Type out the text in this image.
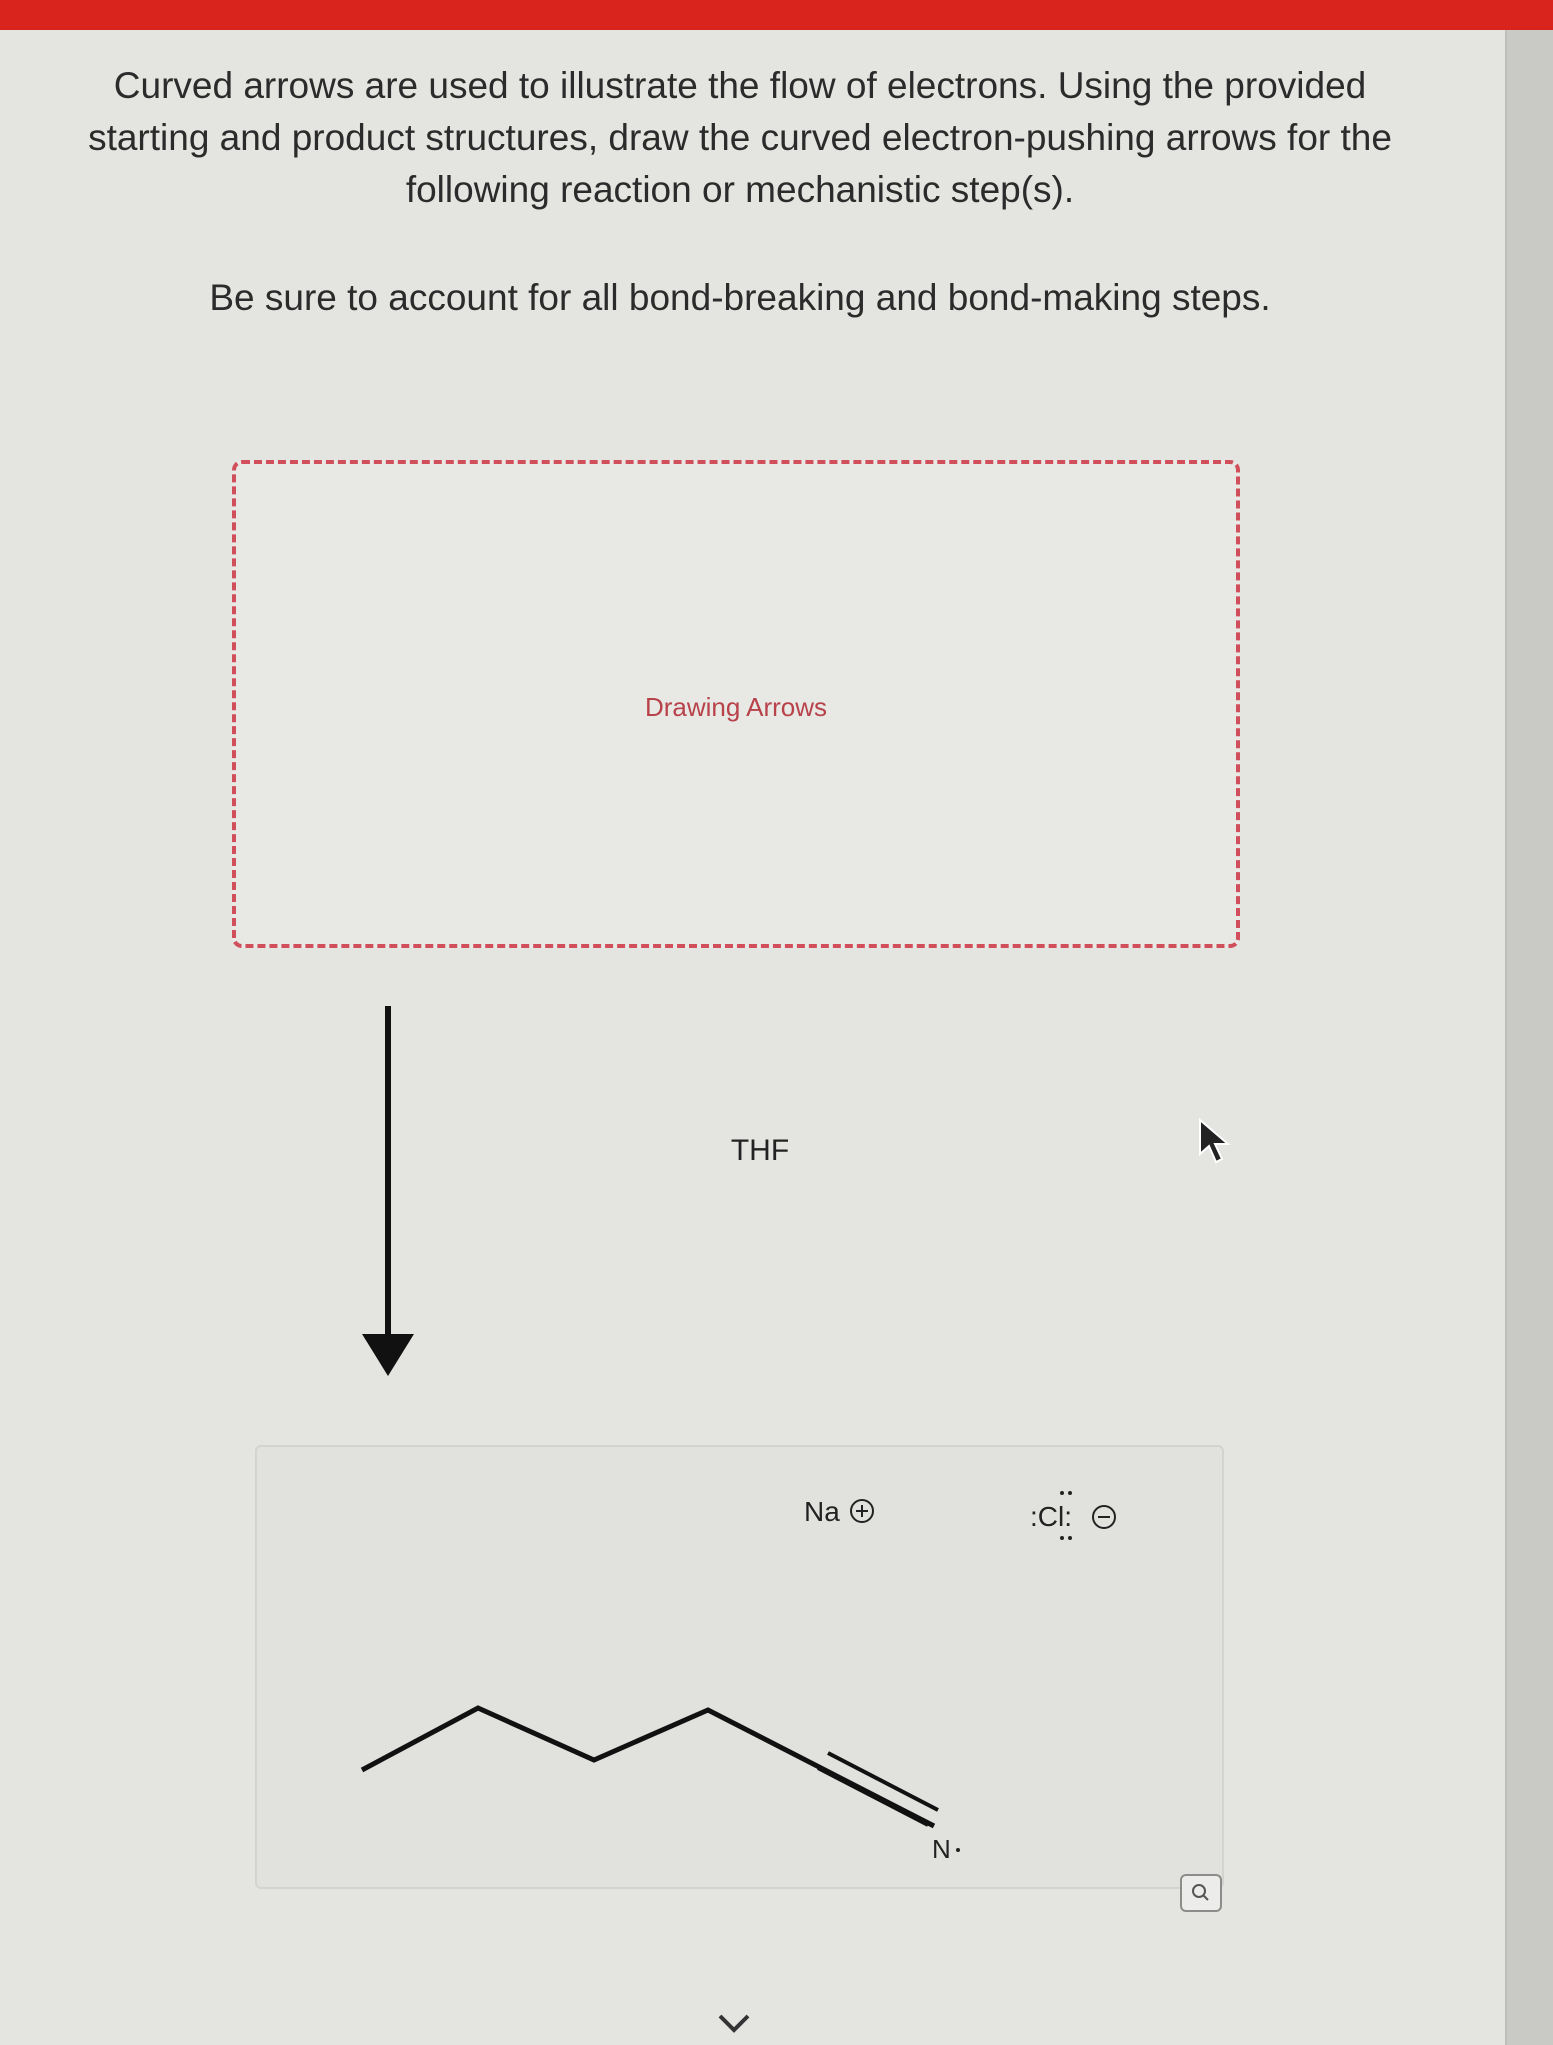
Curved arrows are used to illustrate the flow of electrons. Using the provided
starting and product structures, draw the curved electron-pushing arrows for the
following reaction or mechanistic step(s).
Be sure to account for all bond-breaking and bond-making steps.
Drawing Arrows
THF
Na	:Cl:
N
